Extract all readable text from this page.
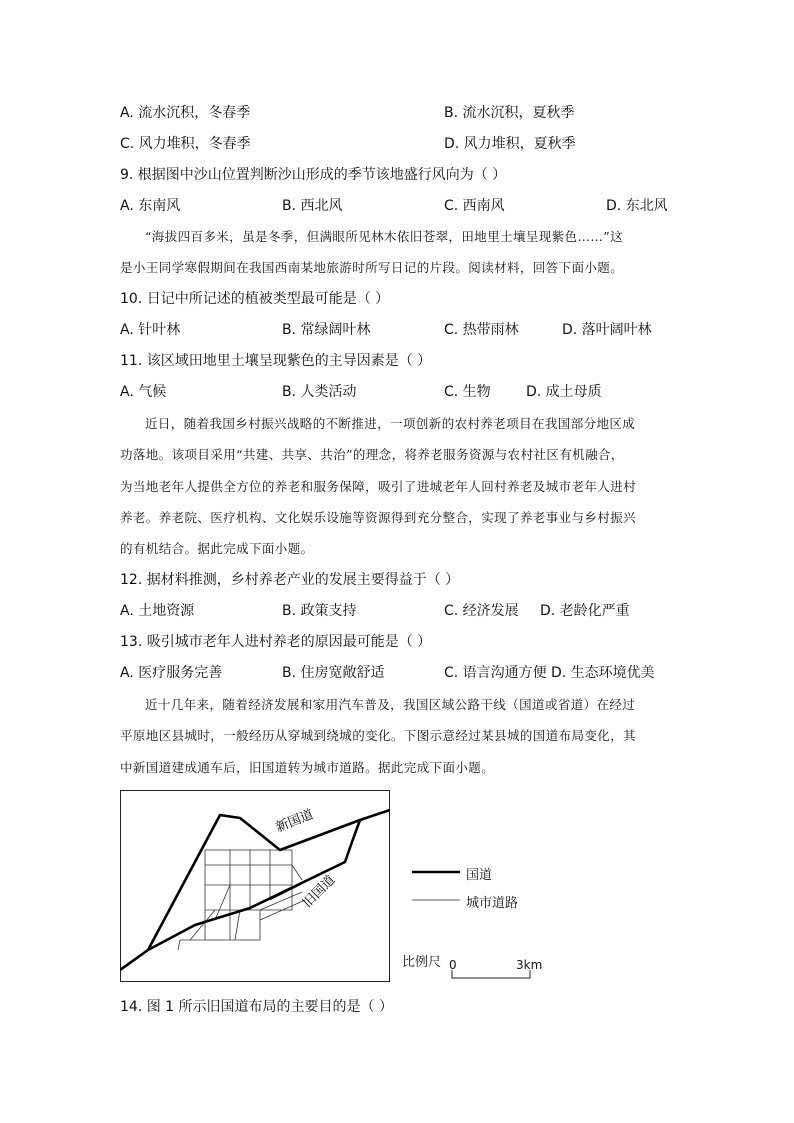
A. 流水沉积，冬春季	B. 流水沉积，夏秋季
C. 风力堆积，冬春季	D. 风力堆积，夏秋季
9. 根据图中沙山位置判断沙山形成的季节该地盛行风向为（ ）
A. 东南风	B. 西北风	C. 西南风	D. 东北风

“海拔四百多米，虽是冬季，但满眼所见林木依旧苍翠，田地里土壤呈现紫色……”这

是小王同学寒假期间在我国西南某地旅游时所写日记的片段。阅读材料，回答下面小题。

10. 日记中所记述的植被类型最可能是（ ）
A. 针叶林	B. 常绿阔叶林	C. 热带雨林	D. 落叶阔叶林
11. 该区域田地里土壤呈现紫色的主导因素是（ ）
A. 气候	B. 人类活动	C. 生物	D. 成土母质

近日，随着我国乡村振兴战略的不断推进，一项创新的农村养老项目在我国部分地区成

功落地。该项目采用“共建、共享、共治”的理念，将养老服务资源与农村社区有机融合，

为当地老年人提供全方位的养老和服务保障，吸引了进城老年人回村养老及城市老年人进村

养老。养老院、医疗机构、文化娱乐设施等资源得到充分整合，实现了养老事业与乡村振兴

的有机结合。据此完成下面小题。

12. 据材料推测，乡村养老产业的发展主要得益于（ ）
A. 土地资源	B. 政策支持	C. 经济发展 D. 老龄化严重
13. 吸引城市老年人进村养老的原因最可能是（ ）
A. 医疗服务完善	B. 住房宽敞舒适	C. 语言沟通方便 D. 生态环境优美

近十几年来，随着经济发展和家用汽车普及，我国区域公路干线（国道或省道）在经过

平原地区县城时，一般经历从穿城到绕城的变化。下图示意经过某县城的国道布局变化，其

中新国道建成通车后，旧国道转为城市道路。据此完成下面小题。

新国道
旧国道	国道
城市道路
比例尺 0	3km
14. 图 1 所示旧国道布局的主要目的是（ ）
